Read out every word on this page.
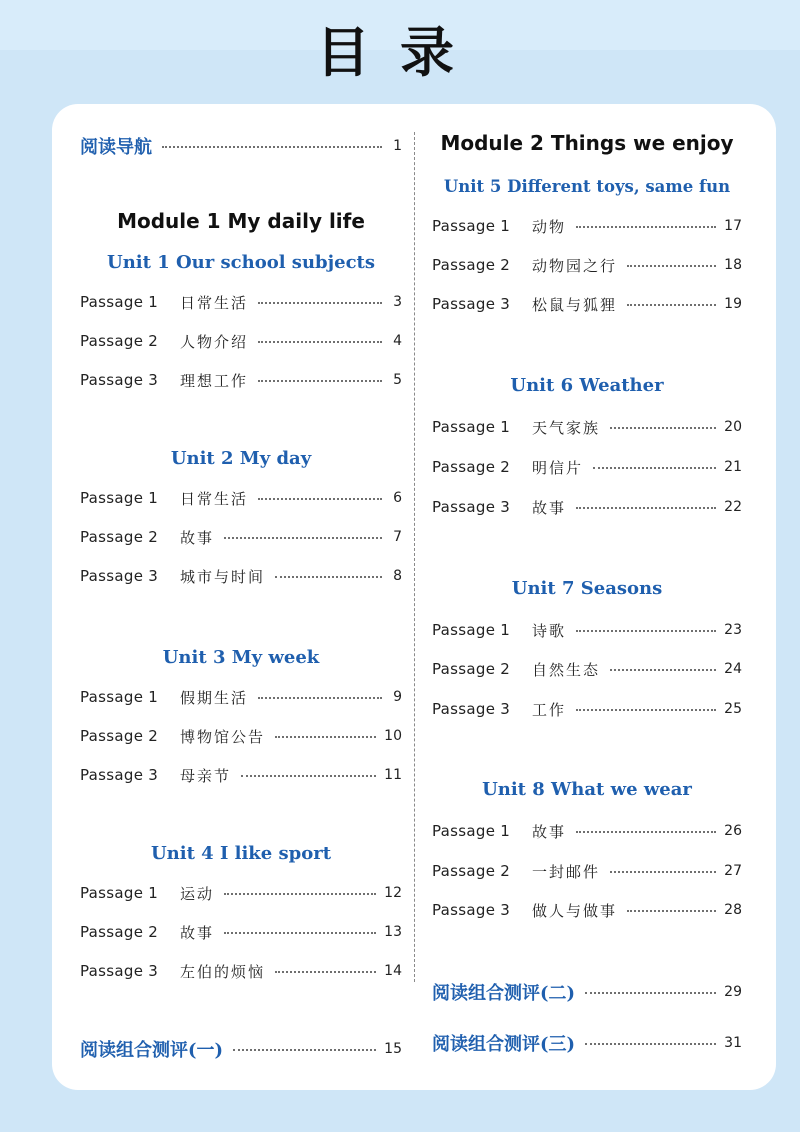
目录
阅读导航	1
Module 1 My daily life
Unit 1 Our school subjects
Passage 1	日常生活	3
Passage 2	人物介绍	4
Passage 3	理想工作	5
Unit 2 My day
Passage 1	日常生活	6
Passage 2	故事	7
Passage 3	城市与时间	8
Unit 3 My week
Passage 1	假期生活	9
Passage 2	博物馆公告	10
Passage 3	母亲节	11
Unit 4 I like sport
Passage 1	运动	12
Passage 2	故事	13
Passage 3	左伯的烦恼	14
阅读组合测评(一)	15
Module 2 Things we enjoy
Unit 5 Different toys, same fun
Passage 1	动物	17
Passage 2	动物园之行	18
Passage 3	松鼠与狐狸	19
Unit 6 Weather
Passage 1	天气家族	20
Passage 2	明信片	21
Passage 3	故事	22
Unit 7 Seasons
Passage 1	诗歌	23
Passage 2	自然生态	24
Passage 3	工作	25
Unit 8 What we wear
Passage 1	故事	26
Passage 2	一封邮件	27
Passage 3	做人与做事	28
阅读组合测评(二)	29
阅读组合测评(三)	31
